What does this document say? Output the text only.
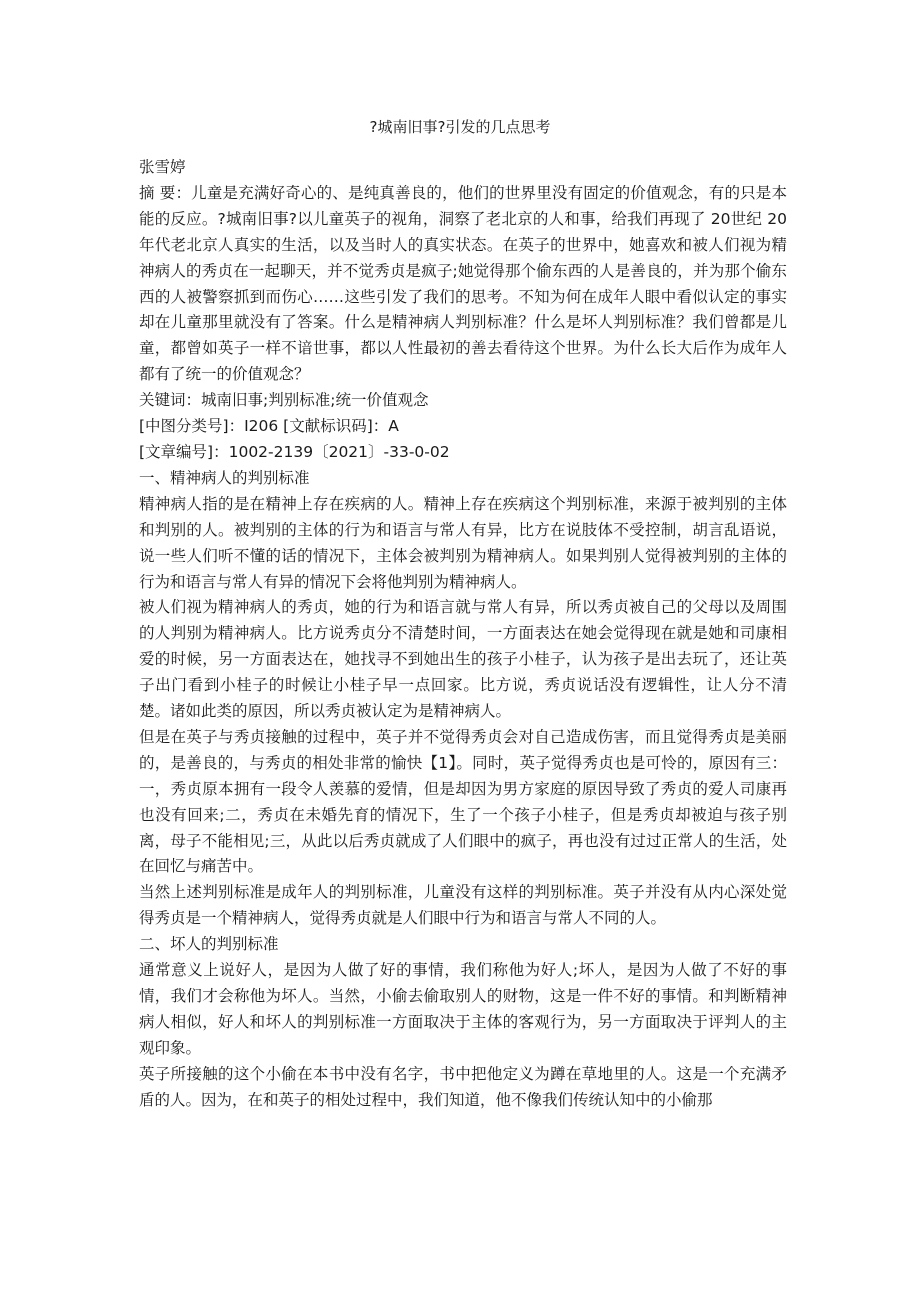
?城南旧事?引发的几点思考

张雪婷

摘 要：儿童是充满好奇心的、是纯真善良的，他们的世界里没有固定的价值观念，有的只是本能的反应。?城南旧事?以儿童英子的视角，洞察了老北京的人和事，给我们再现了 20世纪 20 年代老北京人真实的生活，以及当时人的真实状态。在英子的世界中，她喜欢和被人们视为精神病人的秀贞在一起聊天，并不觉秀贞是疯子;她觉得那个偷东西的人是善良的，并为那个偷东西的人被警察抓到而伤心……这些引发了我们的思考。不知为何在成年人眼中看似认定的事实却在儿童那里就没有了答案。什么是精神病人判别标准？什么是坏人判别标准？我们曾都是儿童，都曾如英子一样不谙世事，都以人性最初的善去看待这个世界。为什么长大后作为成年人都有了统一的价值观念？

关键词：城南旧事;判别标准;统一价值观念

[中图分类号]：I206 [文献标识码]：A

[文章编号]：1002-2139〔2021〕-33-0-02

一、精神病人的判别标准

精神病人指的是在精神上存在疾病的人。精神上存在疾病这个判别标准，来源于被判别的主体和判别的人。被判别的主体的行为和语言与常人有异，比方在说肢体不受控制，胡言乱语说，说一些人们听不懂的话的情况下，主体会被判别为精神病人。如果判别人觉得被判别的主体的行为和语言与常人有异的情况下会将他判别为精神病人。

被人们视为精神病人的秀贞，她的行为和语言就与常人有异，所以秀贞被自己的父母以及周围的人判别为精神病人。比方说秀贞分不清楚时间，一方面表达在她会觉得现在就是她和司康相爱的时候，另一方面表达在，她找寻不到她出生的孩子小桂子，认为孩子是出去玩了，还让英子出门看到小桂子的时候让小桂子早一点回家。比方说，秀贞说话没有逻辑性，让人分不清楚。诸如此类的原因，所以秀贞被认定为是精神病人。

但是在英子与秀贞接触的过程中，英子并不觉得秀贞会对自己造成伤害，而且觉得秀贞是美丽的，是善良的，与秀贞的相处非常的愉快【1】。同时，英子觉得秀贞也是可怜的，原因有三：一，秀贞原本拥有一段令人羡慕的爱情，但是却因为男方家庭的原因导致了秀贞的爱人司康再也没有回来;二，秀贞在未婚先育的情况下，生了一个孩子小桂子，但是秀贞却被迫与孩子别离，母子不能相见;三，从此以后秀贞就成了人们眼中的疯子，再也没有过过正常人的生活，处在回忆与痛苦中。

当然上述判别标准是成年人的判别标准，儿童没有这样的判别标准。英子并没有从内心深处觉得秀贞是一个精神病人，觉得秀贞就是人们眼中行为和语言与常人不同的人。

二、坏人的判别标准

通常意义上说好人，是因为人做了好的事情，我们称他为好人;坏人，是因为人做了不好的事情，我们才会称他为坏人。当然，小偷去偷取别人的财物，这是一件不好的事情。和判断精神病人相似，好人和坏人的判别标准一方面取决于主体的客观行为，另一方面取决于评判人的主观印象。

英子所接触的这个小偷在本书中没有名字，书中把他定义为蹲在草地里的人。这是一个充满矛盾的人。因为，在和英子的相处过程中，我们知道，他不像我们传统认知中的小偷那
